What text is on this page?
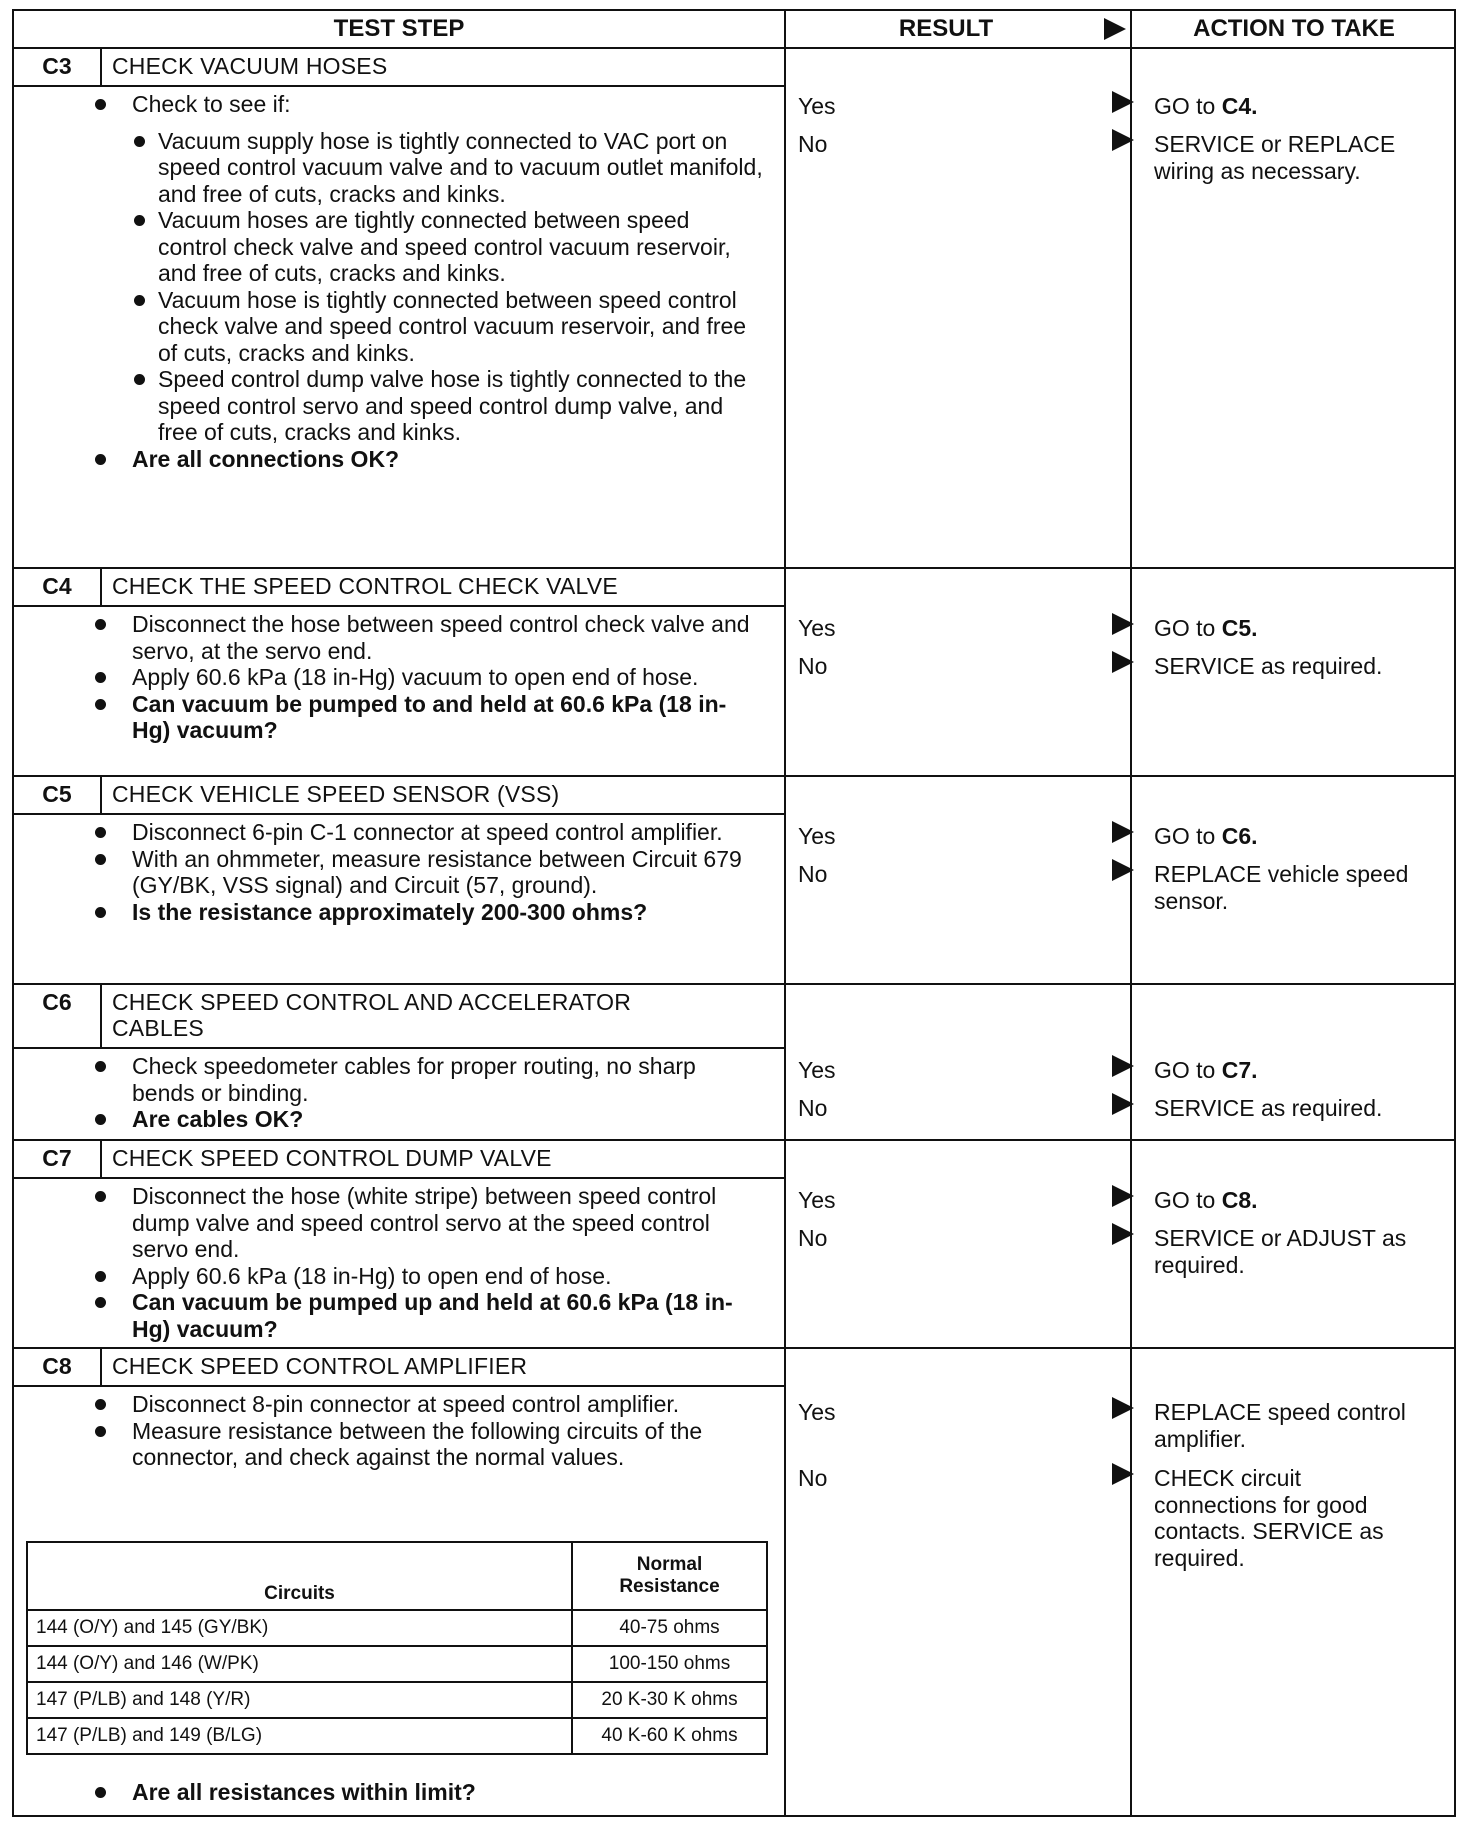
TEST STEP	RESULT	ACTION TO TAKE
C3	CHECK VACUUM HOSES
Check to see if:
Vacuum supply hose is tightly connected to VAC port on speed control vacuum valve and to vacuum outlet manifold, and free of cuts, cracks and kinks.
Vacuum hoses are tightly connected between speed control check valve and speed control vacuum reservoir, and free of cuts, cracks and kinks.
Vacuum hose is tightly connected between speed control check valve and speed control vacuum reservoir, and free of cuts, cracks and kinks.
Speed control dump valve hose is tightly connected to the speed control servo and speed control dump valve, and free of cuts, cracks and kinks.
Are all connections OK?
Yes	GO to C4.
No	SERVICE or REPLACE wiring as necessary.
C4	CHECK THE SPEED CONTROL CHECK VALVE
Disconnect the hose between speed control check valve and servo, at the servo end.
Apply 60.6 kPa (18 in-Hg) vacuum to open end of hose.
Can vacuum be pumped to and held at 60.6 kPa (18 in-Hg) vacuum?
Yes	GO to C5.
No	SERVICE as required.
C5	CHECK VEHICLE SPEED SENSOR (VSS)
Disconnect 6-pin C-1 connector at speed control amplifier.
With an ohmmeter, measure resistance between Circuit 679 (GY/BK, VSS signal) and Circuit (57, ground).
Is the resistance approximately 200-300 ohms?
Yes	GO to C6.
No	REPLACE vehicle speed sensor.
C6	CHECK SPEED CONTROL AND ACCELERATOR CABLES
Check speedometer cables for proper routing, no sharp bends or binding.
Are cables OK?
Yes	GO to C7.
No	SERVICE as required.
C7	CHECK SPEED CONTROL DUMP VALVE
Disconnect the hose (white stripe) between speed control dump valve and speed control servo at the speed control servo end.
Apply 60.6 kPa (18 in-Hg) to open end of hose.
Can vacuum be pumped up and held at 60.6 kPa (18 in-Hg) vacuum?
Yes	GO to C8.
No	SERVICE or ADJUST as required.
C8	CHECK SPEED CONTROL AMPLIFIER
Disconnect 8-pin connector at speed control amplifier.
Measure resistance between the following circuits of the connector, and check against the normal values.
Circuits	Normal Resistance
144 (O/Y) and 145 (GY/BK)	40-75 ohms
144 (O/Y) and 146 (W/PK)	100-150 ohms
147 (P/LB) and 148 (Y/R)	20 K-30 K ohms
147 (P/LB) and 149 (B/LG)	40 K-60 K ohms
Are all resistances within limit?
Yes	REPLACE speed control amplifier.
No	CHECK circuit connections for good contacts. SERVICE as required.
